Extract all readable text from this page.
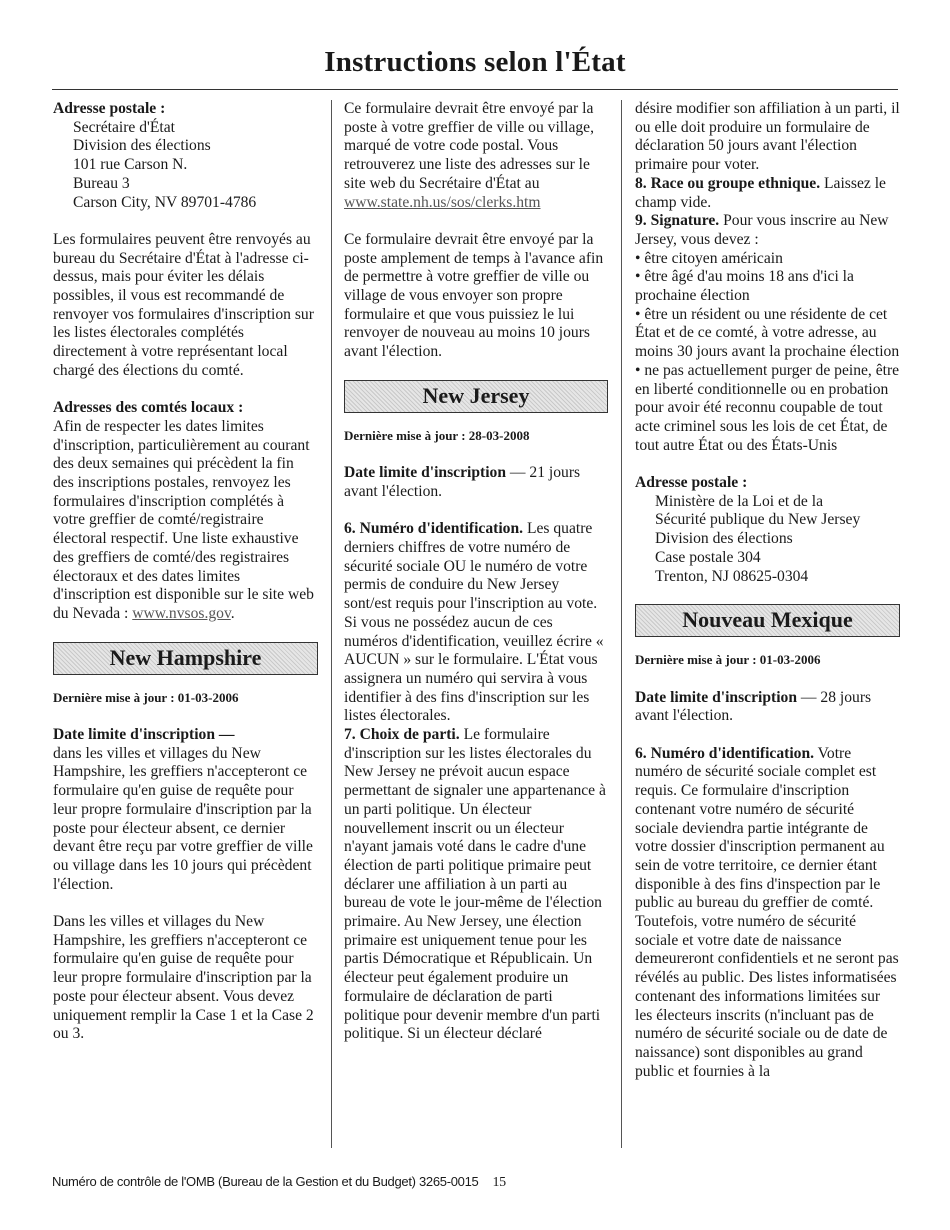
Instructions selon l'État

Adresse postale :

Secrétaire d'État
Division des élections
101 rue Carson N.
Bureau 3
Carson City, NV 89701-4786

Les formulaires peuvent être renvoyés au bureau du Secrétaire d'État à l'adresse ci-dessus, mais pour éviter les délais possibles, il vous est recommandé de renvoyer vos formulaires d'inscription sur les listes électorales complétés directement à votre représentant local chargé des élections du comté.

Adresses des comtés locaux :

Afin de respecter les dates limites d'inscription, particulièrement au courant des deux semaines qui précèdent la fin des inscriptions postales, renvoyez les formulaires d'inscription complétés à votre greffier de comté/registraire électoral respectif. Une liste exhaustive des greffiers de comté/des registraires électoraux et des dates limites d'inscription est disponible sur le site web du Nevada : www.nvsos.gov.

New Hampshire

Dernière mise à jour : 01-03-2006

Date limite d'inscription —
dans les villes et villages du New Hampshire, les greffiers n'accepteront ce formulaire qu'en guise de requête pour leur propre formulaire d'inscription par la poste pour électeur absent, ce dernier devant être reçu par votre greffier de ville ou village dans les 10 jours qui précèdent l'élection.

Dans les villes et villages du New Hampshire, les greffiers n'accepteront ce formulaire qu'en guise de requête pour leur propre formulaire d'inscription par la poste pour électeur absent. Vous devez uniquement remplir la Case 1 et la Case 2 ou 3.

Ce formulaire devrait être envoyé par la poste à votre greffier de ville ou village, marqué de votre code postal. Vous retrouverez une liste des adresses sur le site web du Secrétaire d'État au www.state.nh.us/sos/clerks.htm

Ce formulaire devrait être envoyé par la poste amplement de temps à l'avance afin de permettre à votre greffier de ville ou village de vous envoyer son propre formulaire et que vous puissiez le lui renvoyer de nouveau au moins 10 jours avant l'élection.

New Jersey

Dernière mise à jour : 28-03-2008

Date limite d'inscription — 21 jours avant l'élection.

6. Numéro d'identification. Les quatre derniers chiffres de votre numéro de sécurité sociale OU le numéro de votre permis de conduire du New Jersey sont/est requis pour l'inscription au vote. Si vous ne possédez aucun de ces numéros d'identification, veuillez écrire « AUCUN » sur le formulaire. L'État vous assignera un numéro qui servira à vous identifier à des fins d'inscription sur les listes électorales.

7. Choix de parti. Le formulaire d'inscription sur les listes électorales du New Jersey ne prévoit aucun espace permettant de signaler une appartenance à un parti politique. Un électeur nouvellement inscrit ou un électeur n'ayant jamais voté dans le cadre d'une élection de parti politique primaire peut déclarer une affiliation à un parti au bureau de vote le jour-même de l'élection primaire. Au New Jersey, une élection primaire est uniquement tenue pour les partis Démocratique et Républicain. Un électeur peut également produire un formulaire de déclaration de parti politique pour devenir membre d'un parti politique. Si un électeur déclaré

désire modifier son affiliation à un parti, il ou elle doit produire un formulaire de déclaration 50 jours avant l'élection primaire pour voter.

8. Race ou groupe ethnique. Laissez le champ vide.

9. Signature. Pour vous inscrire au New Jersey, vous devez :

• être citoyen américain
• être âgé d'au moins 18 ans d'ici la prochaine élection
• être un résident ou une résidente de cet État et de ce comté, à votre adresse, au moins 30 jours avant la prochaine élection
• ne pas actuellement purger de peine, être en liberté conditionnelle ou en probation pour avoir été reconnu coupable de tout acte criminel sous les lois de cet État, de tout autre État ou des États-Unis

Adresse postale :

Ministère de la Loi et de la
Sécurité publique du New Jersey
Division des élections
Case postale 304
Trenton, NJ 08625-0304
Nouveau Mexique

Dernière mise à jour : 01-03-2006

Date limite d'inscription — 28 jours avant l'élection.

6. Numéro d'identification. Votre numéro de sécurité sociale complet est requis. Ce formulaire d'inscription contenant votre numéro de sécurité sociale deviendra partie intégrante de votre dossier d'inscription permanent au sein de votre territoire, ce dernier étant disponible à des fins d'inspection par le public au bureau du greffier de comté. Toutefois, votre numéro de sécurité sociale et votre date de naissance demeureront confidentiels et ne seront pas révélés au public. Des listes informatisées contenant des informations limitées sur les électeurs inscrits (n'incluant pas de numéro de sécurité sociale ou de date de naissance) sont disponibles au grand public et fournies à la

Numéro de contrôle de l'OMB (Bureau de la Gestion et du Budget) 3265-0015 15
